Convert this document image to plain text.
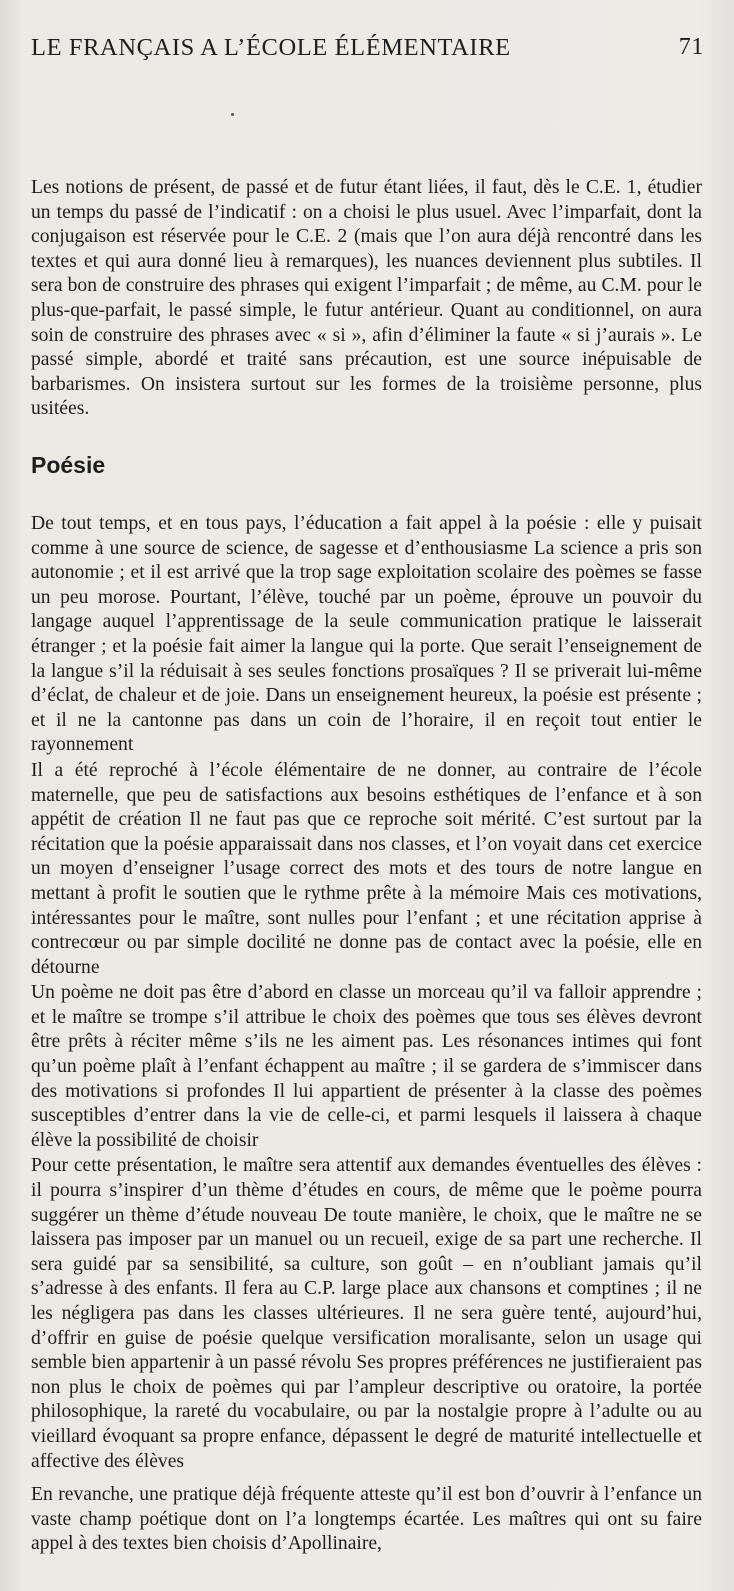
LE FRANÇAIS A L’ÉCOLE ÉLÉMENTAIRE	71

Les notions de présent, de passé et de futur étant liées, il faut, dès le C.E. 1, étudier un temps du passé de l’indicatif : on a choisi le plus usuel. Avec l’imparfait, dont la conjugaison est réservée pour le C.E. 2 (mais que l’on aura déjà rencontré dans les textes et qui aura donné lieu à remarques), les nuances deviennent plus subtiles. Il sera bon de construire des phrases qui exigent l’imparfait ; de même, au C.M. pour le plus-que-parfait, le passé simple, le futur antérieur. Quant au conditionnel, on aura soin de construire des phrases avec « si », afin d’éliminer la faute « si j’aurais ». Le passé simple, abordé et traité sans précaution, est une source inépuisable de barbarismes. On insistera surtout sur les formes de la troisième personne, plus usitées.

Poésie

De tout temps, et en tous pays, l’éducation a fait appel à la poésie : elle y puisait comme à une source de science, de sagesse et d’enthousiasme La science a pris son autonomie ; et il est arrivé que la trop sage exploitation scolaire des poèmes se fasse un peu morose. Pourtant, l’élève, touché par un poème, éprouve un pouvoir du langage auquel l’apprentissage de la seule communication pratique le laisserait étranger ; et la poésie fait aimer la langue qui la porte. Que serait l’enseignement de la langue s’il la réduisait à ses seules fonctions prosaïques ? Il se priverait lui-même d’éclat, de chaleur et de joie. Dans un enseignement heureux, la poésie est présente ; et il ne la cantonne pas dans un coin de l’horaire, il en reçoit tout entier le rayonnement

Il a été reproché à l’école élémentaire de ne donner, au contraire de l’école maternelle, que peu de satisfactions aux besoins esthétiques de l’enfance et à son appétit de création Il ne faut pas que ce reproche soit mérité. C’est surtout par la récitation que la poésie apparaissait dans nos classes, et l’on voyait dans cet exercice un moyen d’enseigner l’usage correct des mots et des tours de notre langue en mettant à profit le soutien que le rythme prête à la mémoire Mais ces motivations, intéressantes pour le maître, sont nulles pour l’enfant ; et une récitation apprise à contrecœur ou par simple docilité ne donne pas de contact avec la poésie, elle en détourne

Un poème ne doit pas être d’abord en classe un morceau qu’il va falloir apprendre ; et le maître se trompe s’il attribue le choix des poèmes que tous ses élèves devront être prêts à réciter même s’ils ne les aiment pas. Les résonances intimes qui font qu’un poème plaît à l’enfant échappent au maître ; il se gardera de s’immiscer dans des motivations si profondes Il lui appartient de présenter à la classe des poèmes susceptibles d’entrer dans la vie de celle-ci, et parmi lesquels il laissera à chaque élève la possibilité de choisir

Pour cette présentation, le maître sera attentif aux demandes éventuelles des élèves : il pourra s’inspirer d’un thème d’études en cours, de même que le poème pourra suggérer un thème d’étude nouveau De toute manière, le choix, que le maître ne se laissera pas imposer par un manuel ou un recueil, exige de sa part une recherche. Il sera guidé par sa sensibilité, sa culture, son goût – en n’oubliant jamais qu’il s’adresse à des enfants. Il fera au C.P. large place aux chansons et comptines ; il ne les négligera pas dans les classes ultérieures. Il ne sera guère tenté, aujourd’hui, d’offrir en guise de poésie quelque versification moralisante, selon un usage qui semble bien appartenir à un passé révolu Ses propres préférences ne justifieraient pas non plus le choix de poèmes qui par l’ampleur descriptive ou oratoire, la portée philosophique, la rareté du vocabulaire, ou par la nostalgie propre à l’adulte ou au vieillard évoquant sa propre enfance, dépassent le degré de maturité intellectuelle et affective des élèves

En revanche, une pratique déjà fréquente atteste qu’il est bon d’ouvrir à l’enfance un vaste champ poétique dont on l’a longtemps écartée. Les maîtres qui ont su faire appel à des textes bien choisis d’Apollinaire,
